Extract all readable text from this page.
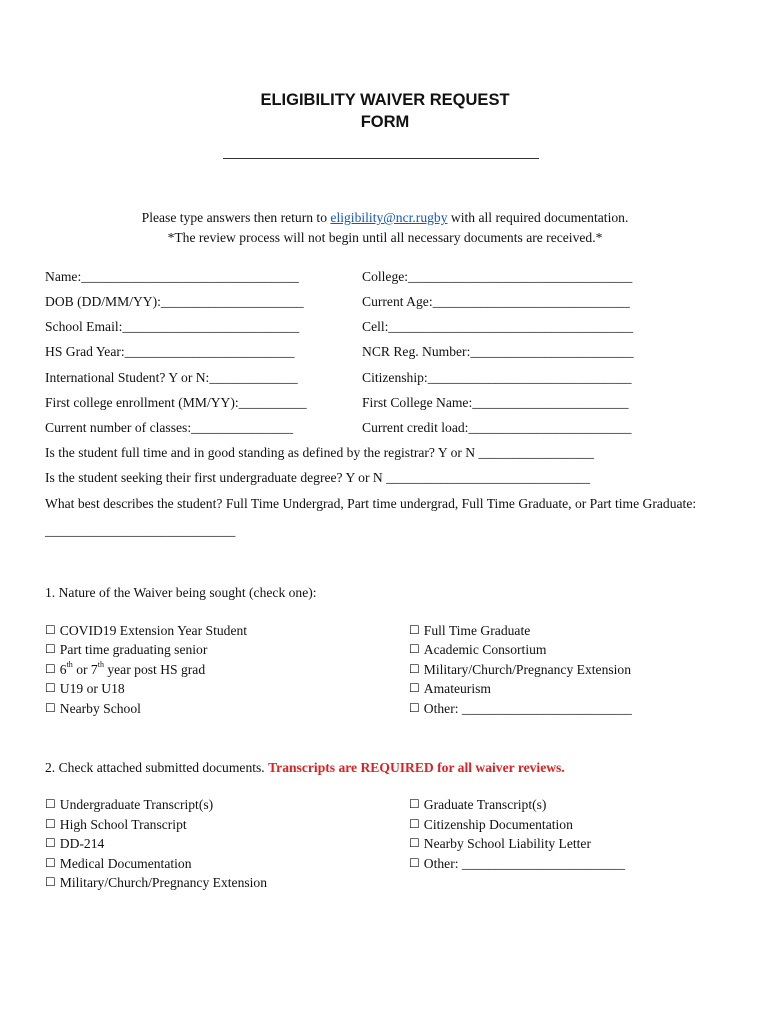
ELIGIBILITY WAIVER REQUEST
FORM
Please type answers then return to eligibility@ncr.rugby with all required documentation.
*The review process will not begin until all necessary documents are received.*
Name:________________________________	College:_________________________________
DOB (DD/MM/YY):_____________________	Current Age:_____________________________
School Email:__________________________	Cell:____________________________________
HS Grad Year:_________________________	NCR Reg. Number:________________________
International Student? Y or N:_____________	Citizenship:______________________________
First college enrollment (MM/YY):__________	First College Name:_______________________
Current number of classes:_______________	Current credit load:________________________
Is the student full time and in good standing as defined by the registrar? Y or N _________________
Is the student seeking their first undergraduate degree? Y or N ______________________________
What best describes the student? Full Time Undergrad, Part time undergrad, Full Time Graduate, or Part time Graduate:
____________________________
1. Nature of the Waiver being sought (check one):
☐ COVID19 Extension Year Student
☐ Part time graduating senior
☐ 6th or 7th year post HS grad
☐ U19 or U18
☐ Nearby School
☐ Full Time Graduate
☐ Academic Consortium
☐ Military/Church/Pregnancy Extension
☐ Amateurism
☐ Other: _________________________
2. Check attached submitted documents. Transcripts are REQUIRED for all waiver reviews.
☐ Undergraduate Transcript(s)
☐ High School Transcript
☐ DD-214
☐ Medical Documentation
☐ Military/Church/Pregnancy Extension
☐ Graduate Transcript(s)
☐ Citizenship Documentation
☐ Nearby School Liability Letter
☐ Other: ________________________
